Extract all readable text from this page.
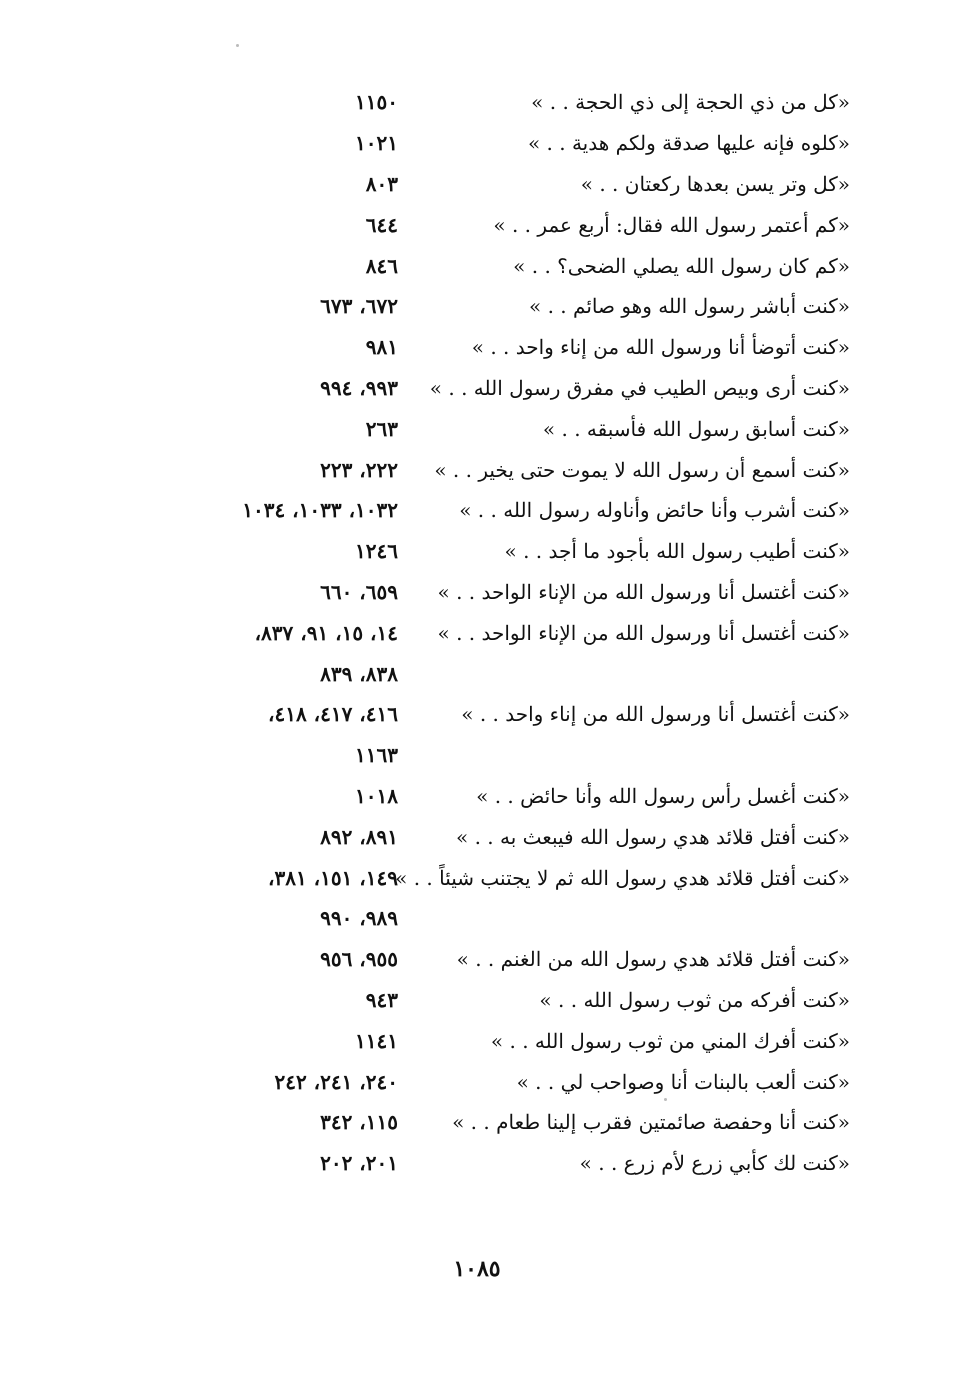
«كل من ذي الحجة إلى ذي الحجة . . »
١١٥٠
«كلوه فإنه عليها صدقة ولكم هدية . . »
١٠٢١
«كل وتر يسن بعدها ركعتان . . »
٨٠٣
«كم أعتمر رسول الله فقال: أربع عمر . . »
٦٤٤
«كم كان رسول الله يصلي الضحى؟ . . »
٨٤٦
«كنت أباشر رسول الله وهو صائم . . »
٦٧٢، ٦٧٣
«كنت أتوضأ أنا ورسول الله من إناء واحد . . »
٩٨١
«كنت أرى وبيص الطيب في مفرق رسول الله . . »
٩٩٣، ٩٩٤
«كنت أسابق رسول الله فأسبقه . . »
٢٦٣
«كنت أسمع أن رسول الله لا يموت حتى يخير . . »
٢٢٢، ٢٢٣
«كنت أشرب وأنا حائض وأناوله رسول الله . . »
١٠٣٢، ١٠٣٣، ١٠٣٤
«كنت أطيب رسول الله بأجود ما أجد . . »
١٢٤٦
«كنت أغتسل أنا ورسول الله من الإناء الواحد . . »
٦٥٩، ٦٦٠
«كنت أغتسل أنا ورسول الله من الإناء الواحد . . »
١٤، ١٥، ٩١، ٨٣٧،
٨٣٨، ٨٣٩
«كنت أغتسل أنا ورسول الله من إناء واحد . . »
٤١٦، ٤١٧، ٤١٨،
١١٦٣
«كنت أغسل رأس رسول الله وأنا حائض . . »
١٠١٨
«كنت أفتل قلائد هدي رسول الله فيبعث به . . »
٨٩١، ٨٩٢
«كنت أفتل قلائد هدي رسول الله ثم لا يجتنب شيئاً . . »
١٤٩، ١٥١، ٣٨١،
٩٨٩، ٩٩٠
«كنت أفتل قلائد هدي رسول الله من الغنم . . »
٩٥٥، ٩٥٦
«كنت أفركه من ثوب رسول الله . . »
٩٤٣
«كنت أفرك المني من ثوب رسول الله . . »
١١٤١
«كنت ألعب بالبنات أنا وصواحب لي . . »
٢٤٠، ٢٤١، ٢٤٢
«كنت أنا وحفصة صائمتين فقرب إلينا طعام . . »
١١٥، ٣٤٢
«كنت لك كأبي زرع لأم زرع . . »
٢٠١، ٢٠٢
١٠٨٥
